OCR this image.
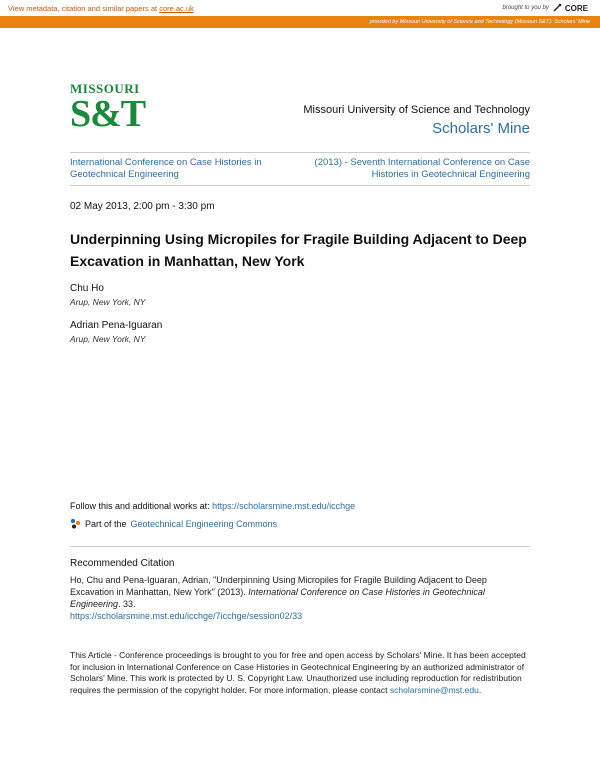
View metadata, citation and similar papers at core.ac.uk	brought to you by CORE
provided by Missouri University of Science and Technology (Missouri S&T): Scholars' Mine
MISSOURI
S&T	Missouri University of Science and Technology
Scholars' Mine
International Conference on Case Histories in Geotechnical Engineering
(2013) - Seventh International Conference on Case Histories in Geotechnical Engineering
02 May 2013, 2:00 pm - 3:30 pm
Underpinning Using Micropiles for Fragile Building Adjacent to Deep Excavation in Manhattan, New York
Chu Ho
Arup, New York, NY
Adrian Pena-Iguaran
Arup, New York, NY
Follow this and additional works at: https://scholarsmine.mst.edu/icchge
Part of the Geotechnical Engineering Commons
Recommended Citation
Ho, Chu and Pena-Iguaran, Adrian, "Underpinning Using Micropiles for Fragile Building Adjacent to Deep Excavation in Manhattan, New York" (2013). International Conference on Case Histories in Geotechnical Engineering. 33.
https://scholarsmine.mst.edu/icchge/7icchge/session02/33
This Article - Conference proceedings is brought to you for free and open access by Scholars' Mine. It has been accepted for inclusion in International Conference on Case Histories in Geotechnical Engineering by an authorized administrator of Scholars' Mine. This work is protected by U. S. Copyright Law. Unauthorized use including reproduction for redistribution requires the permission of the copyright holder. For more information, please contact scholarsmine@mst.edu.
